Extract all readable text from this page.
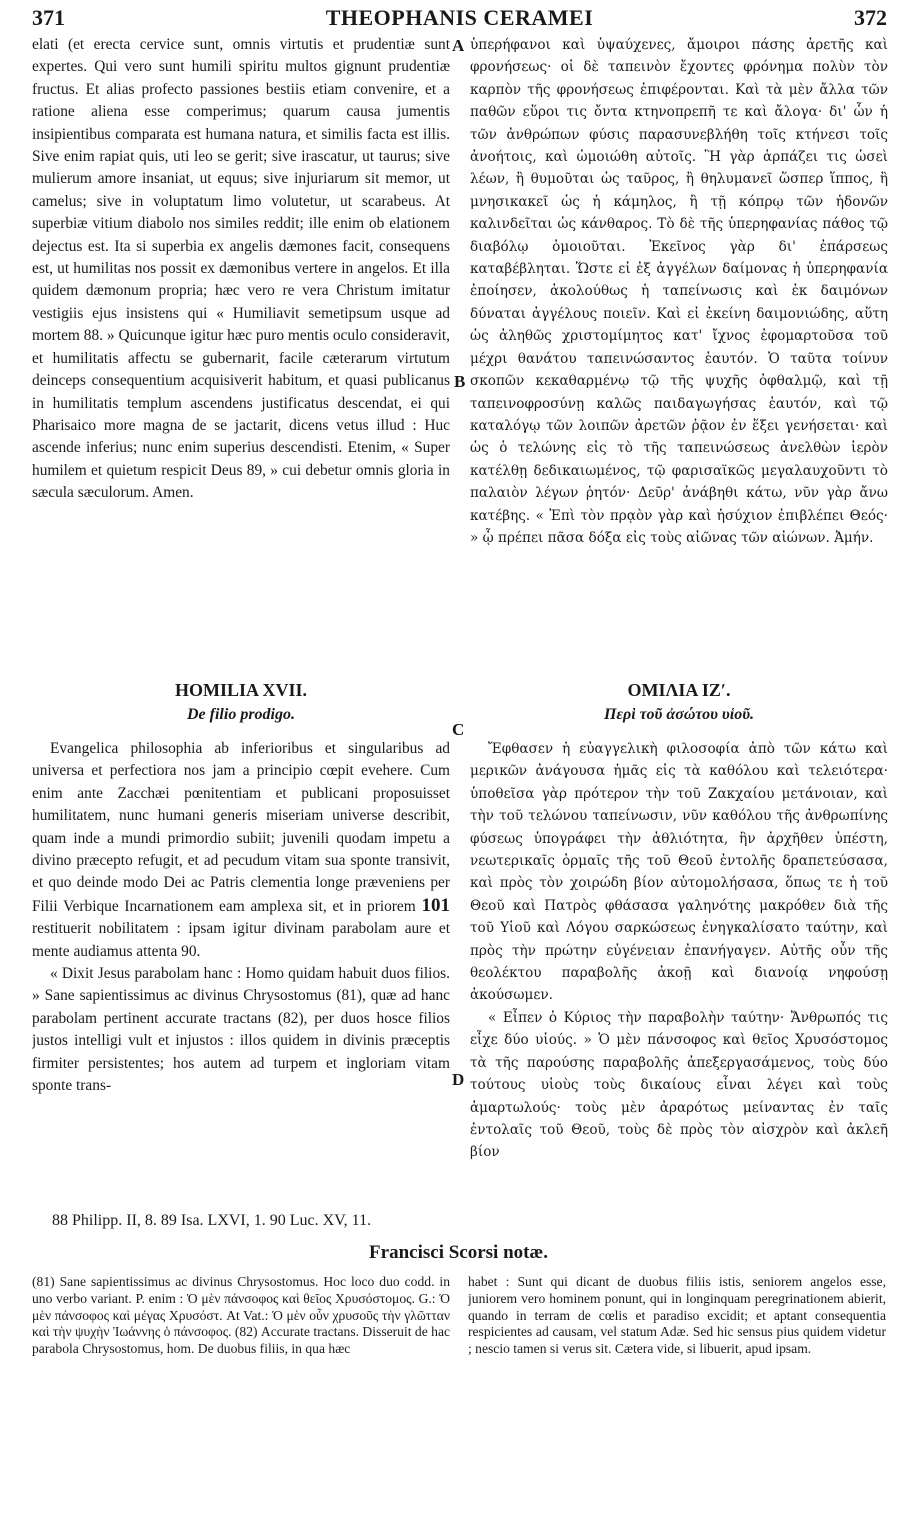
371	THEOPHANIS CERAMEI	372

elati (et erecta cervice sunt, omnis virtutis et prudentiæ sunt expertes. Qui vero sunt humili spiritu multos gignunt prudentiæ fructus. Et alias profecto passiones bestiis etiam convenire, et a ratione aliena esse comperimus; quarum causa jumentis insipientibus comparata est humana natura, et similis facta est illis. Sive enim rapiat quis, uti leo se gerit; sive irascatur, ut taurus; sive mulierum amore insaniat, ut equus; sive injuriarum sit memor, ut camelus; sive in voluptatum limo volutetur, ut scarabeus. At superbiæ vitium diabolo nos similes reddit; ille enim ob elationem dejectus est. Ita si superbia ex angelis dæmones facit, consequens est, ut humilitas nos possit ex dæmonibus vertere in angelos. Et illa quidem dæmonum propria; hæc vero re vera Christum imitatur vestigiis ejus insistens qui « Humiliavit semetipsum usque ad mortem 88. » Quicunque igitur hæc puro mentis oculo consideravit, et humilitatis affectu se gubernarit, facile cæterarum virtutum deinceps consequentium acquisiverit habitum, et quasi publicanus in humilitatis templum ascendens justificatus descendat, ei qui Pharisaico more magna de se jactarit, dicens vetus illud : Huc ascende inferius; nunc enim superius descendisti. Etenim, « Super humilem et quietum respicit Deus 89, » cui debetur omnis gloria in sæcula sæculorum. Amen.

ὑπερήφανοι καὶ ὑψαύχενες, ἄμοιροι πάσης ἀρετῆς καὶ φρονήσεως· οἱ δὲ ταπεινὸν ἔχοντες φρόνημα πολὺν τὸν καρπὸν τῆς φρονήσεως ἐπιφέρονται. Καὶ τὰ μὲν ἄλλα τῶν παθῶν εὕροι τις ὄντα κτηνοπρεπῆ τε καὶ ἄλογα· δι' ὧν ἡ τῶν ἀνθρώπων φύσις παρασυνεβλήθη τοῖς κτήνεσι τοῖς ἀνοήτοις, καὶ ὡμοιώθη αὐτοῖς. Ἢ γὰρ ἁρπάζει τις ὡσεὶ λέων, ἢ θυμοῦται ὡς ταῦρος, ἢ θηλυμανεῖ ὥσπερ ἵππος, ἢ μνησικακεῖ ὡς ἡ κάμηλος, ἢ τῇ κόπρῳ τῶν ἡδονῶν καλινδεῖται ὡς κάνθαρος. Τὸ δὲ τῆς ὑπερηφανίας πάθος τῷ διαβόλῳ ὁμοιοῦται. Ἐκεῖνος γὰρ δι' ἐπάρσεως καταβέβληται. Ὥστε εἰ ἐξ ἀγγέλων δαίμονας ἡ ὑπερηφανία ἐποίησεν, ἀκολούθως ἡ ταπείνωσις καὶ ἐκ δαιμόνων δύναται ἀγγέλους ποιεῖν. Καὶ εἰ ἐκείνη δαιμονιώδης, αὕτη ὡς ἀληθῶς χριστομίμητος κατ' ἴχνος ἐφομαρτοῦσα τοῦ μέχρι θανάτου ταπεινώσαντος ἑαυτόν. Ὁ ταῦτα τοίνυν σκοπῶν κεκαθαρμένῳ τῷ τῆς ψυχῆς ὀφθαλμῷ, καὶ τῇ ταπεινοφροσύνῃ καλῶς παιδαγωγήσας ἑαυτόν, καὶ τῷ καταλόγῳ τῶν λοιπῶν ἀρετῶν ῥᾷον ἐν ἕξει γενήσεται· καὶ ὡς ὁ τελώνης εἰς τὸ τῆς ταπεινώσεως ἀνελθὼν ἱερὸν κατέλθῃ δεδικαιωμένος, τῷ φαρισαϊκῶς μεγαλαυχοῦντι τὸ παλαιὸν λέγων ῥητόν· Δεῦρ' ἀνάβηθι κάτω, νῦν γὰρ ἄνω κατέβης. « Ἐπὶ τὸν πρᾳὸν γὰρ καὶ ἡσύχιον ἐπιβλέπει Θεός· » ᾧ πρέπει πᾶσα δόξα εἰς τοὺς αἰῶνας τῶν αἰώνων. Ἀμήν.

A
B
C
D
HOMILIA XVII.
De filio prodigo.
ΟΜΙΛΙΑ ΙΖʹ.
Περὶ τοῦ ἀσώτου υἱοῦ.

Evangelica philosophia ab inferioribus et singularibus ad universa et perfectiora nos jam a principio cœpit evehere. Cum enim ante Zacchæi pœnitentiam et publicani proposuisset humilitatem, nunc humani generis miseriam universe describit, quam inde a mundi primordio subiit; juvenili quodam impetu a divino præcepto refugit, et ad pecudum vitam sua sponte transivit, et quo deinde modo Dei ac Patris clementia longe præveniens per Filii Verbique Incarnationem eam amplexa sit, et in priorem 101 restituerit nobilitatem : ipsam igitur divinam parabolam aure et mente audiamus attenta 90.

« Dixit Jesus parabolam hanc : Homo quidam habuit duos filios. » Sane sapientissimus ac divinus Chrysostomus (81), quæ ad hanc parabolam pertinent accurate tractans (82), per duos hosce filios justos intelligi vult et injustos : illos quidem in divinis præceptis firmiter persistentes; hos autem ad turpem et ingloriam vitam sponte trans-

Ἔφθασεν ἡ εὐαγγελικὴ φιλοσοφία ἀπὸ τῶν κάτω καὶ μερικῶν ἀνάγουσα ἡμᾶς εἰς τὰ καθόλου καὶ τελειότερα· ὑποθεῖσα γὰρ πρότερον τὴν τοῦ Ζακχαίου μετάνοιαν, καὶ τὴν τοῦ τελώνου ταπείνωσιν, νῦν καθόλου τῆς ἀνθρωπίνης φύσεως ὑπογράφει τὴν ἀθλιότητα, ἣν ἀρχῆθεν ὑπέστη, νεωτερικαῖς ὁρμαῖς τῆς τοῦ Θεοῦ ἐντολῆς δραπετεύσασα, καὶ πρὸς τὸν χοιρώδη βίον αὐτομολήσασα, ὅπως τε ἡ τοῦ Θεοῦ καὶ Πατρὸς φθάσασα γαληνότης μακρόθεν διὰ τῆς τοῦ Υἱοῦ καὶ Λόγου σαρκώσεως ἐνηγκαλίσατο ταύτην, καὶ πρὸς τὴν πρώτην εὐγένειαν ἐπανήγαγεν. Αὐτῆς οὖν τῆς θεολέκτου παραβολῆς ἀκοῇ καὶ διανοίᾳ νηφούσῃ ἀκούσωμεν.

« Εἶπεν ὁ Κύριος τὴν παραβολὴν ταύτην· Ἄνθρωπός τις εἶχε δύο υἱούς. » Ὁ μὲν πάνσοφος καὶ θεῖος Χρυσόστομος τὰ τῆς παρούσης παραβολῆς ἀπεξεργασάμενος, τοὺς δύο τούτους υἱοὺς τοὺς δικαίους εἶναι λέγει καὶ τοὺς ἁμαρτωλούς· τοὺς μὲν ἀραρότως μείναντας ἐν ταῖς ἐντολαῖς τοῦ Θεοῦ, τοὺς δὲ πρὸς τὸν αἰσχρὸν καὶ ἀκλεῆ βίον

88 Philipp. II, 8. 89 Isa. LXVI, 1. 90 Luc. XV, 11.
Francisci Scorsi notæ.

(81) Sane sapientissimus ac divinus Chrysostomus. Hoc loco duo codd. in uno verbo variant. P. enim : Ὁ μὲν πάνσοφος καὶ θεῖος Χρυσόστομος. G.: Ὁ μὲν πάνσοφος καὶ μέγας Χρυσόστ. At Vat.: Ὁ μὲν οὖν χρυσοῦς τὴν γλῶτταν καὶ τὴν ψυχὴν Ἰωάννης ὁ πάνσοφος. (82) Accurate tractans. Disseruit de hac parabola Chrysostomus, hom. De duobus filiis, in qua hæc

habet : Sunt qui dicant de duobus filiis istis, seniorem angelos esse, juniorem vero hominem ponunt, qui in longinquam peregrinationem abierit, quando in terram de cœlis et paradiso excidit; et aptant consequentia respicientes ad causam, vel statum Adæ. Sed hic sensus pius quidem videtur ; nescio tamen si verus sit. Cætera vide, si libuerit, apud ipsam.
